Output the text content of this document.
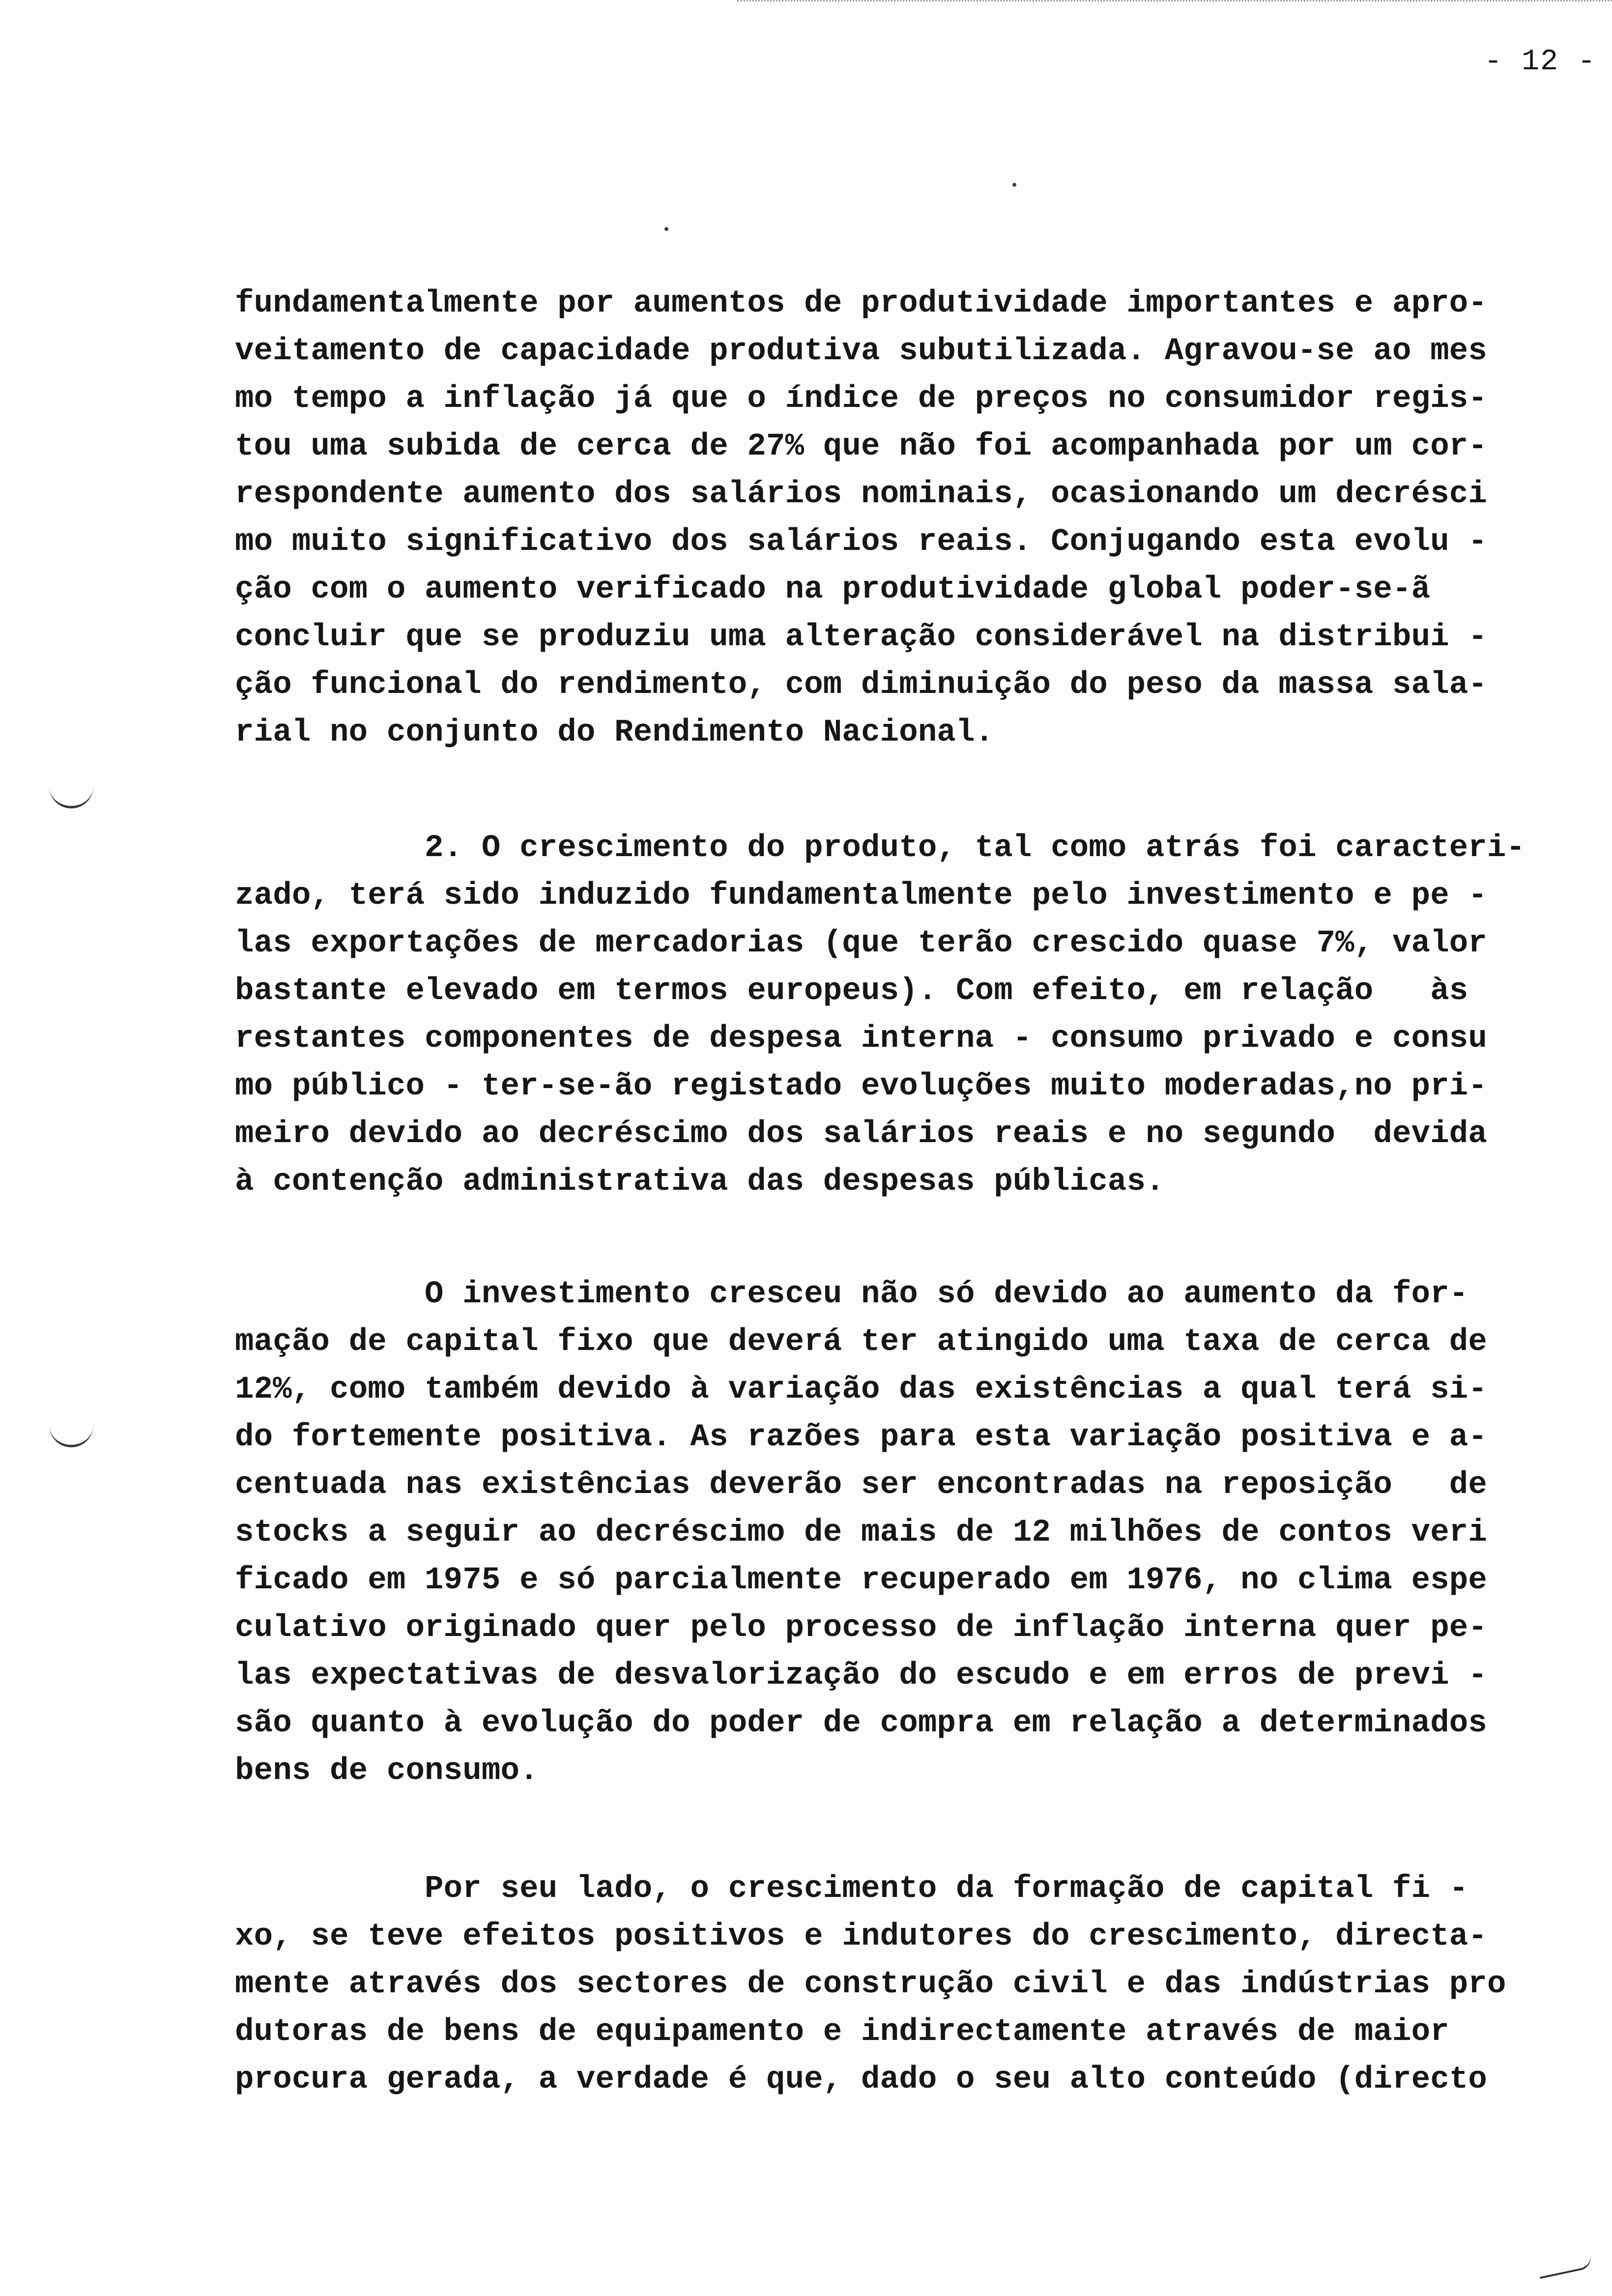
- 12 -
fundamentalmente por aumentos de produtividade importantes e apro-
veitamento de capacidade produtiva subutilizada. Agravou-se ao mes
mo tempo a inflação já que o índice de preços no consumidor regis-
tou uma subida de cerca de 27% que não foi acompanhada por um cor-
respondente aumento dos salários nominais, ocasionando um decrésci
mo muito significativo dos salários reais. Conjugando esta evolu -
ção com o aumento verificado na produtividade global poder-se-ã
concluir que se produziu uma alteração considerável na distribui -
ção funcional do rendimento, com diminuição do peso da massa sala-
rial no conjunto do Rendimento Nacional.
2. O crescimento do produto, tal como atrás foi caracteri-
zado, terá sido induzido fundamentalmente pelo investimento e pe -
las exportações de mercadorias (que terão crescido quase 7%, valor
bastante elevado em termos europeus). Com efeito, em relação   às
restantes componentes de despesa interna - consumo privado e consu
mo público - ter-se-ão registado evoluções muito moderadas,no pri-
meiro devido ao decréscimo dos salários reais e no segundo  devida
à contenção administrativa das despesas públicas.
O investimento cresceu não só devido ao aumento da for-
mação de capital fixo que deverá ter atingido uma taxa de cerca de
12%, como também devido à variação das existências a qual terá si-
do fortemente positiva. As razões para esta variação positiva e a-
centuada nas existências deverão ser encontradas na reposição   de
stocks a seguir ao decréscimo de mais de 12 milhões de contos veri
ficado em 1975 e só parcialmente recuperado em 1976, no clima espe
culativo originado quer pelo processo de inflação interna quer pe-
las expectativas de desvalorização do escudo e em erros de previ -
são quanto à evolução do poder de compra em relação a determinados
bens de consumo.
Por seu lado, o crescimento da formação de capital fi -
xo, se teve efeitos positivos e indutores do crescimento, directa-
mente através dos sectores de construção civil e das indústrias pro
dutoras de bens de equipamento e indirectamente através de maior
procura gerada, a verdade é que, dado o seu alto conteúdo (directo
